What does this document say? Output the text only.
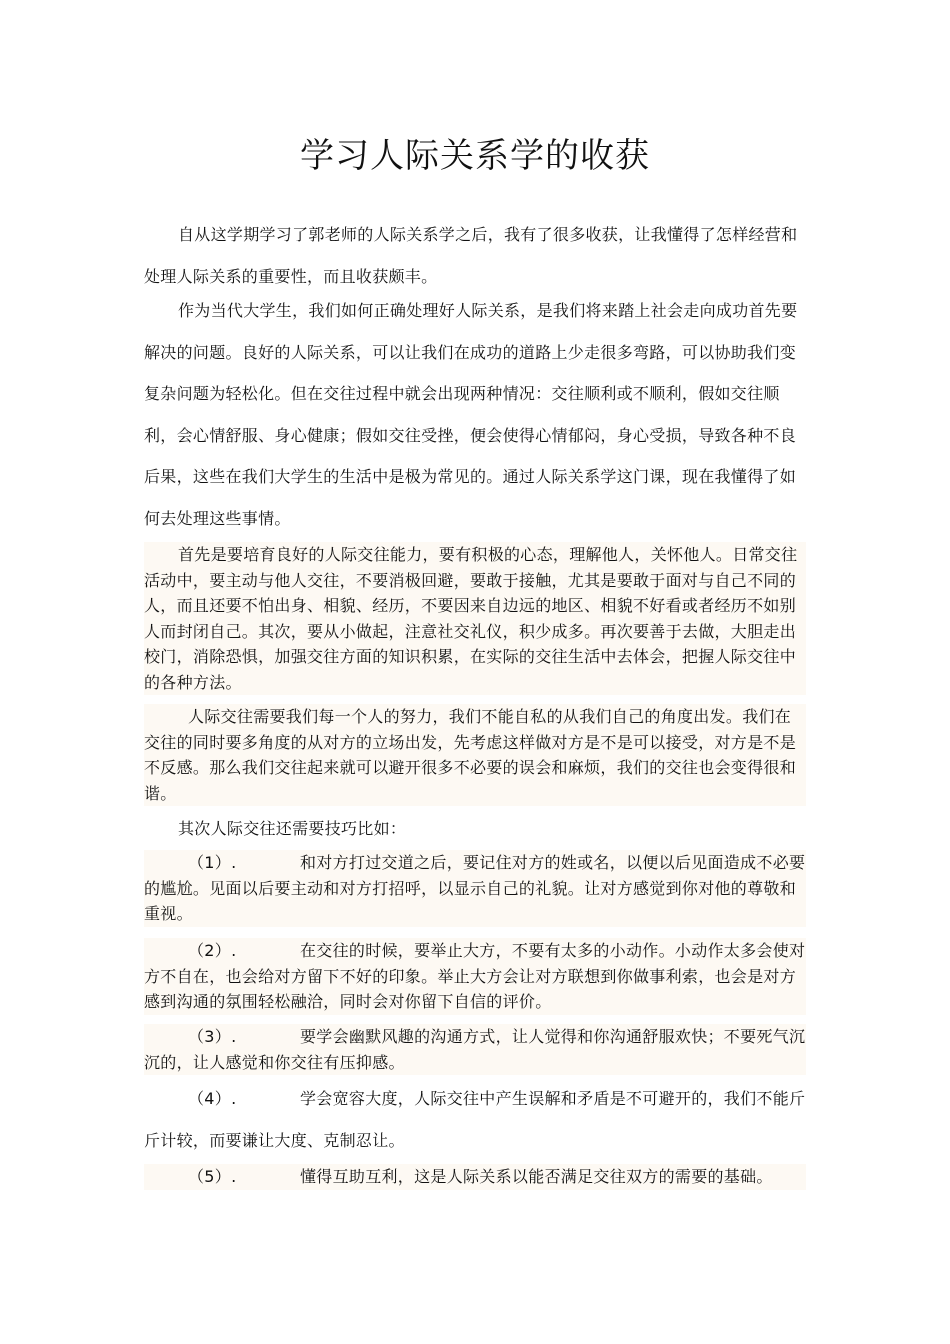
学习人际关系学的收获
自从这学期学习了郭老师的人际关系学之后，我有了很多收获，让我懂得了怎样经营和处理人际关系的重要性，而且收获颇丰。
作为当代大学生，我们如何正确处理好人际关系，是我们将来踏上社会走向成功首先要解决的问题。良好的人际关系，可以让我们在成功的道路上少走很多弯路，可以协助我们变复杂问题为轻松化。但在交往过程中就会出现两种情况：交往顺利或不顺利，假如交往顺利，会心情舒服、身心健康；假如交往受挫，便会使得心情郁闷，身心受损，导致各种不良后果，这些在我们大学生的生活中是极为常见的。通过人际关系学这门课，现在我懂得了如何去处理这些事情。
首先是要培育良好的人际交往能力，要有积极的心态，理解他人，关怀他人。日常交往活动中，要主动与他人交往，不要消极回避，要敢于接触，尤其是要敢于面对与自己不同的人，而且还要不怕出身、相貌、经历，不要因来自边远的地区、相貌不好看或者经历不如别人而封闭自己。其次，要从小做起，注意社交礼仪，积少成多。再次要善于去做，大胆走出校门，消除恐惧，加强交往方面的知识积累，在实际的交往生活中去体会，把握人际交往中的各种方法。
人际交往需要我们每一个人的努力，我们不能自私的从我们自己的角度出发。我们在交往的同时要多角度的从对方的立场出发，先考虑这样做对方是不是可以接受，对方是不是不反感。那么我们交往起来就可以避开很多不必要的误会和麻烦，我们的交往也会变得很和谐。
其次人际交往还需要技巧比如：
（1）.	和对方打过交道之后，要记住对方的姓或名，以便以后见面造成不必要的尴尬。见面以后要主动和对方打招呼，以显示自己的礼貌。让对方感觉到你对他的尊敬和重视。
（2）.	在交往的时候，要举止大方，不要有太多的小动作。小动作太多会使对方不自在，也会给对方留下不好的印象。举止大方会让对方联想到你做事利索，也会是对方感到沟通的氛围轻松融洽，同时会对你留下自信的评价。
（3）.	要学会幽默风趣的沟通方式，让人觉得和你沟通舒服欢快；不要死气沉沉的，让人感觉和你交往有压抑感。
（4）.	学会宽容大度，人际交往中产生误解和矛盾是不可避开的，我们不能斤斤计较，而要谦让大度、克制忍让。
（5）.	懂得互助互利，这是人际关系以能否满足交往双方的需要的基础。
